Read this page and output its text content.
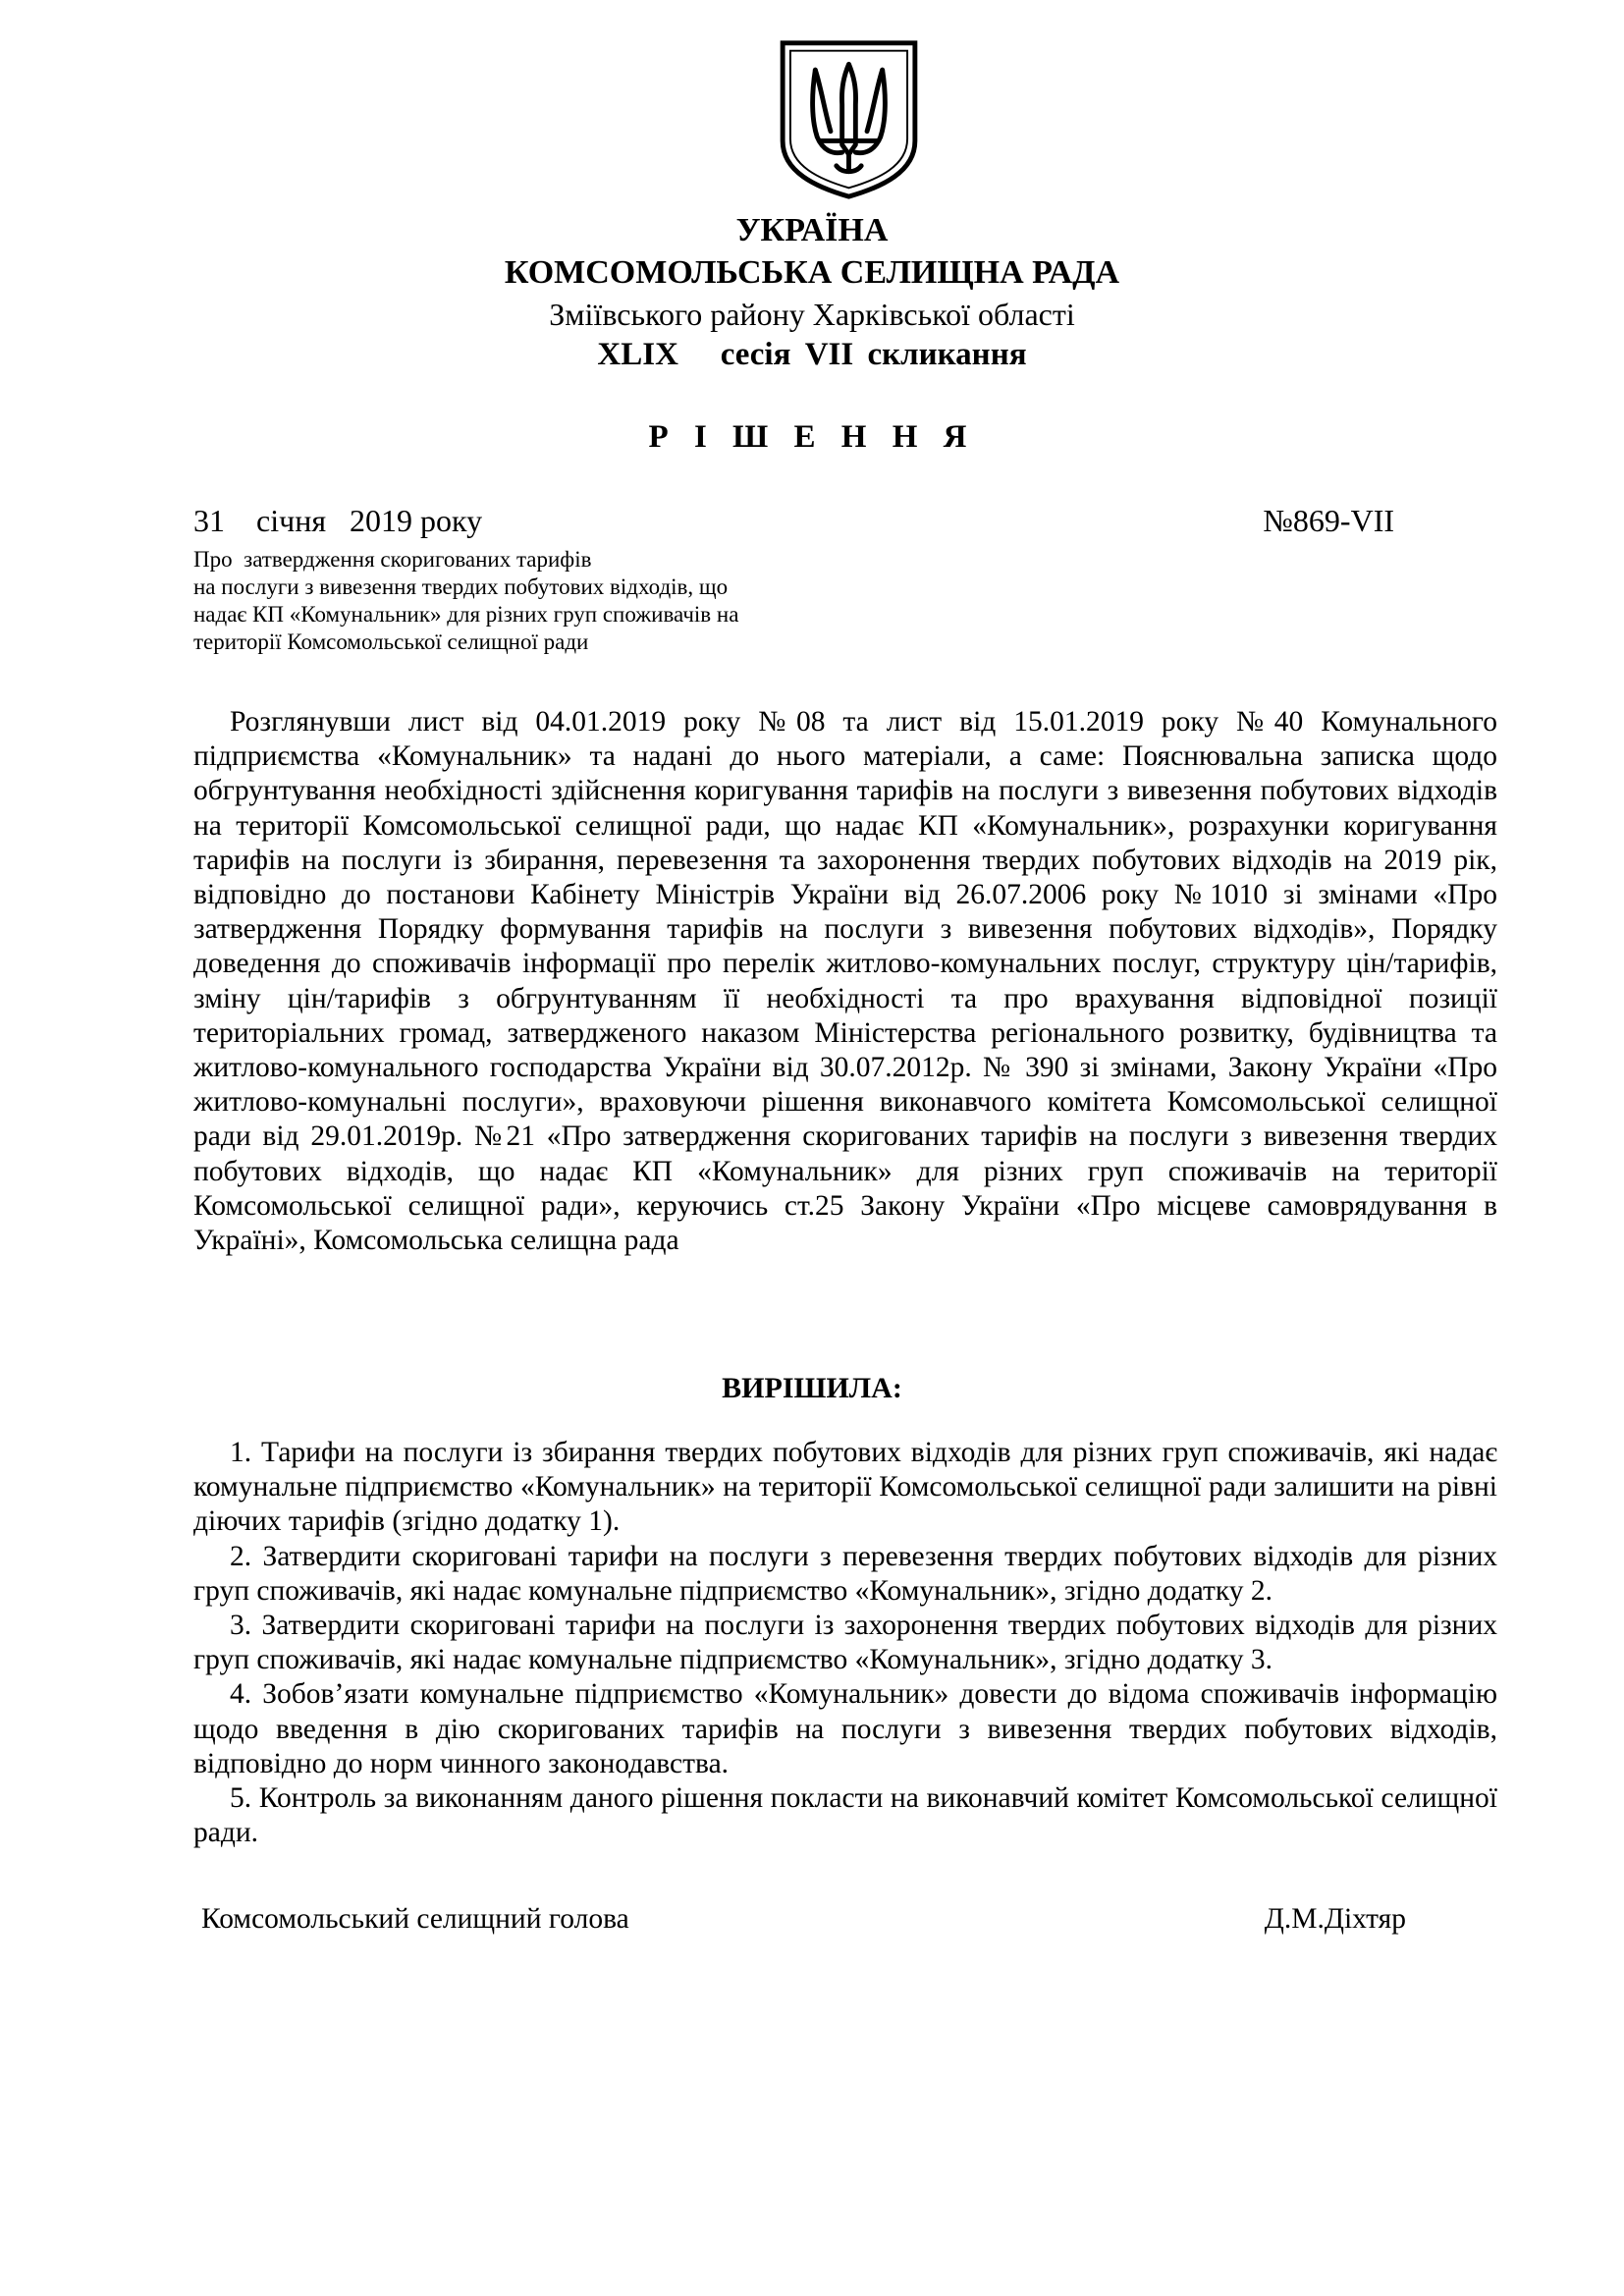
УКРАЇНА
КОМСОМОЛЬСЬКА СЕЛИЩНА РАДА
Зміївського району Харківської області
XLIX   сесія VII скликання
Р І Ш Е Н Н Я
31    січня   2019 року	№869-VII
Про  затвердження скоригованих тарифів
на послуги з вивезення твердих побутових відходів, що
надає КП «Комунальник» для різних груп споживачів на
території Комсомольської селищної ради
Розглянувши лист від 04.01.2019 року №08 та лист від 15.01.2019 року №40 Комунального підприємства «Комунальник» та надані до нього матеріали, а саме: Пояснювальна записка щодо обгрунтування необхідності здійснення коригування тарифів на послуги з вивезення побутових відходів на території Комсомольської селищної ради, що надає КП «Комунальник», розрахунки коригування тарифів на послуги із збирання, перевезення та захоронення твердих побутових відходів на 2019 рік, відповідно до постанови Кабінету Міністрів України від 26.07.2006 року №1010 зі змінами «Про затвердження Порядку формування тарифів на послуги з вивезення побутових відходів», Порядку доведення до споживачів інформації про перелік житлово-комунальних послуг, структуру цін/тарифів, зміну цін/тарифів з обгрунтуванням її необхідності та про врахування відповідної позиції територіальних громад, затвердженого наказом Міністерства регіонального розвитку, будівництва та житлово-комунального господарства України від 30.07.2012р. № 390 зі змінами, Закону України «Про житлово-комунальні послуги», враховуючи рішення виконавчого комітета Комсомольської селищної ради від 29.01.2019р. №21 «Про затвердження скоригованих тарифів на послуги з вивезення твердих побутових відходів, що надає КП «Комунальник» для різних груп споживачів на території Комсомольської селищної ради», керуючись ст.25 Закону України «Про місцеве самоврядування в Україні», Комсомольська селищна рада
ВИРІШИЛА:

1. Тарифи на послуги із збирання твердих побутових відходів для різних груп споживачів, які надає комунальне підприємство «Комунальник» на території Комсомольської селищної ради залишити на рівні діючих тарифів (згідно додатку 1).

2. Затвердити скориговані тарифи на послуги з перевезення твердих побутових відходів для різних груп споживачів, які надає комунальне підприємство «Комунальник», згідно додатку 2.

3. Затвердити скориговані тарифи на послуги із захоронення твердих побутових відходів для різних груп споживачів, які надає комунальне підприємство «Комунальник», згідно додатку 3.

4. Зобов’язати комунальне підприємство «Комунальник» довести до відома споживачів інформацію щодо введення в дію скоригованих тарифів на послуги з вивезення твердих побутових відходів, відповідно до норм чинного законодавства.

5. Контроль за виконанням даного рішення покласти на виконавчий комітет Комсомольської селищної ради.

Комсомольський селищний голова	Д.М.Діхтяр
